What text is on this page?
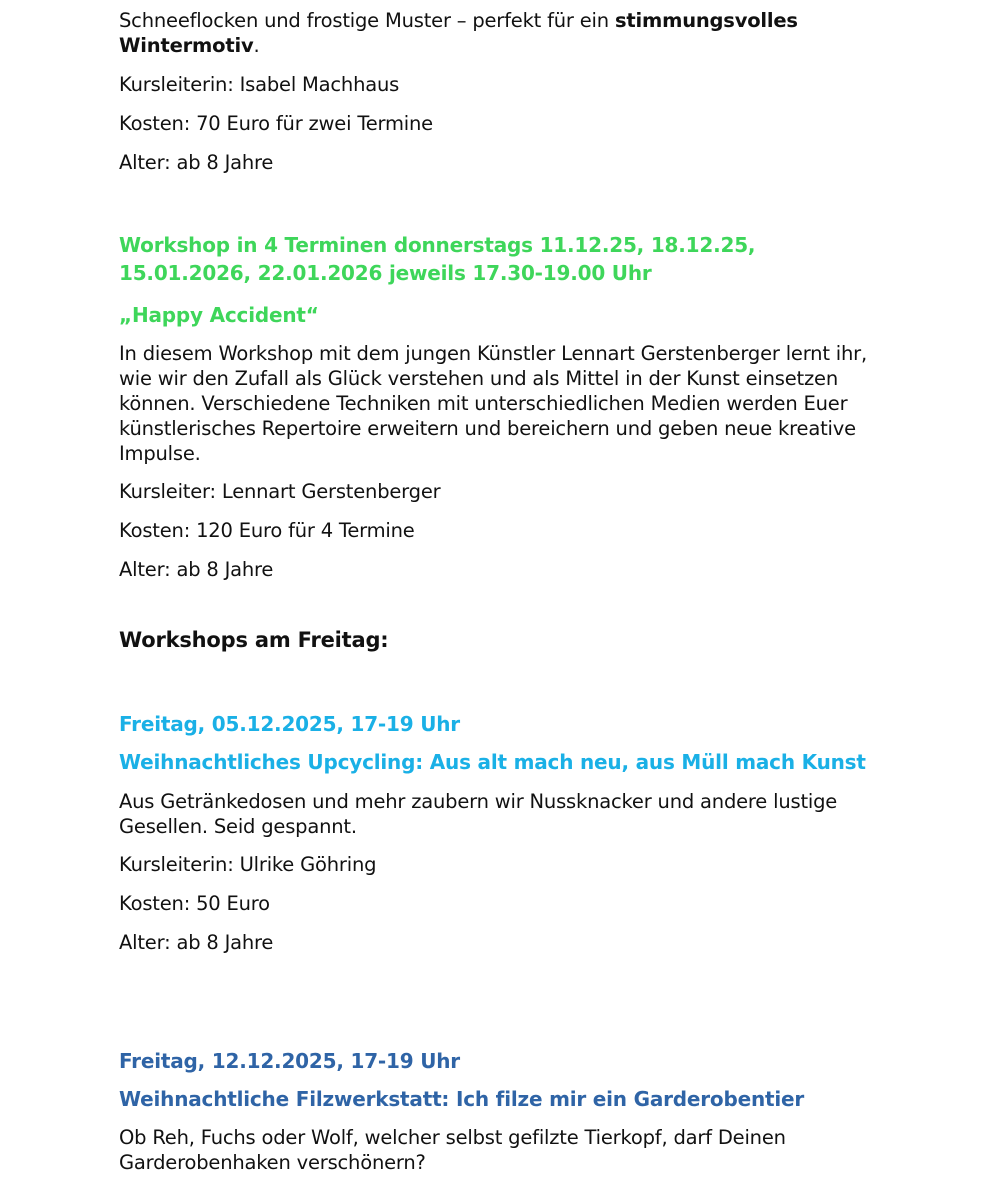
Schneeflocken und frostige Muster – perfekt für ein stimmungsvolles Wintermotiv.

Kursleiterin: Isabel Machhaus

Kosten: 70 Euro für zwei Termine

Alter: ab 8 Jahre

Workshop in 4 Terminen donnerstags 11.12.25, 18.12.25, 15.01.2026, 22.01.2026 jeweils 17.30-19.00 Uhr

„Happy Accident“

In diesem Workshop mit dem jungen Künstler Lennart Gerstenberger lernt ihr, wie wir den Zufall als Glück verstehen und als Mittel in der Kunst einsetzen können. Verschiedene Techniken mit unterschiedlichen Medien werden Euer künstlerisches Repertoire erweitern und bereichern und geben neue kreative Impulse.

Kursleiter: Lennart Gerstenberger

Kosten: 120 Euro für 4 Termine

Alter: ab 8 Jahre

Workshops am Freitag:

Freitag, 05.12.2025, 17-19 Uhr

Weihnachtliches Upcycling: Aus alt mach neu, aus Müll mach Kunst

Aus Getränkedosen und mehr zaubern wir Nussknacker und andere lustige Gesellen. Seid gespannt.

Kursleiterin: Ulrike Göhring

Kosten: 50 Euro

Alter: ab 8 Jahre

Freitag, 12.12.2025, 17-19 Uhr

Weihnachtliche Filzwerkstatt: Ich filze mir ein Garderobentier

Ob Reh, Fuchs oder Wolf, welcher selbst gefilzte Tierkopf, darf Deinen Garderobenhaken verschönern?
